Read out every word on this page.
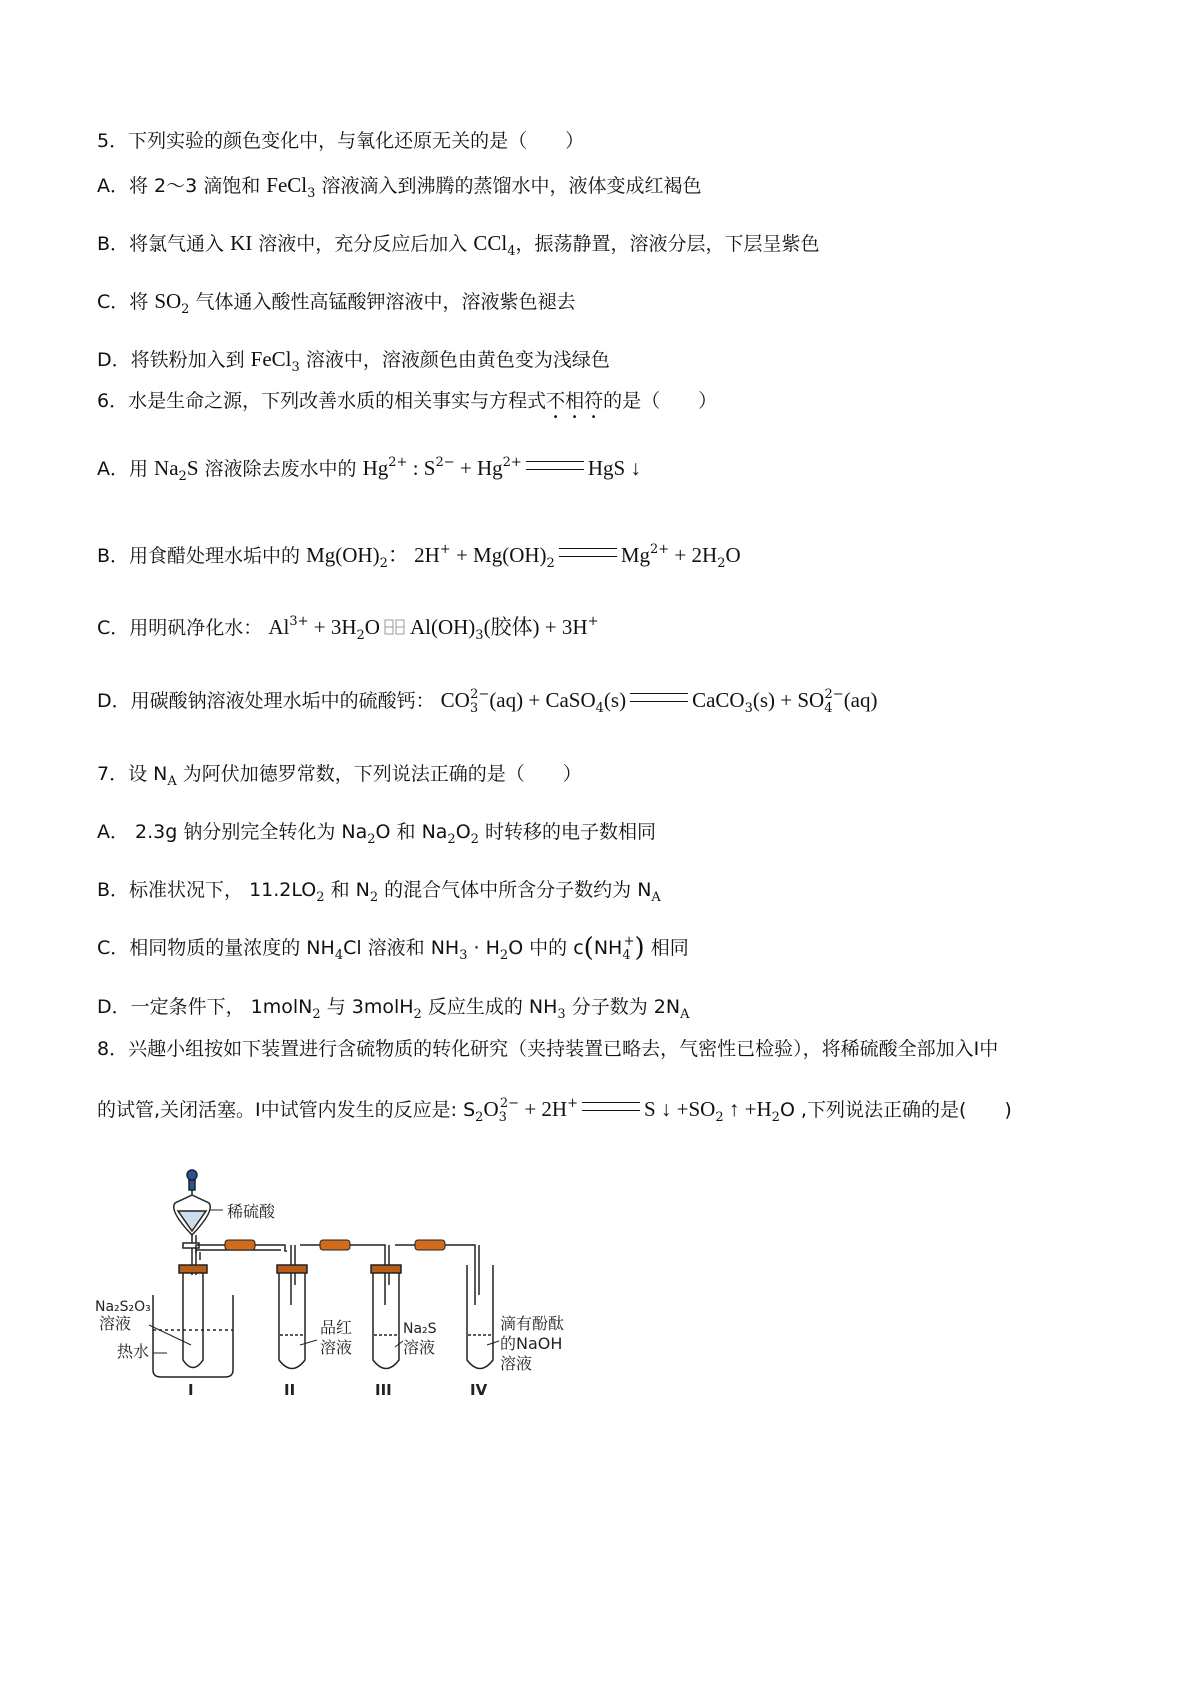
5．下列实验的颜色变化中，与氧化还原无关的是（　　）
A．将 2～3 滴饱和 FeCl$_3$ 溶液滴入到沸腾的蒸馏水中，液体变成红褐色
B．将氯气通入 KI 溶液中，充分反应后加入 CCl$_4$，振荡静置，溶液分层，下层呈紫色
C．将 $SO_2$ 气体通入酸性高锰酸钾溶液中，溶液紫色褪去
D．将铁粉加入到 FeCl$_3$ 溶液中，溶液颜色由黄色变为浅绿色
6．水是生命之源，下列改善水质的相关事实与方程式不相符的是（　　）
A．用 $Na_2S$ 溶液除去废水中的 $Hg^{2+}$ : $S^{2-} + Hg^{2+}$	HgS ↓
B．用食醋处理水垢中的 $Mg(OH)_2$： $2H^+ + Mg(OH)_2$	$Mg^{2+} + 2H_2O$
C．用明矾净化水： $Al^{3+} + 3H_2O$ $Al(OH)_3$(胶体) + 3H+
D．用碳酸钠溶液处理水垢中的硫酸钙： $CO_3^{2-}(aq)$ + CaSO$_4$(s)	CaCO$_3$(s) + $SO_4^{2-}(aq)$
7．设 $N_A$ 为阿伏加德罗常数，下列说法正确的是（　　）
A． 2.3g 钠分别完全转化为 $Na_2O$ 和 $Na_2O_2$ 时转移的电子数相同
B．标准状况下， $11.2LO_2$ 和 $N_2$ 的混合气体中所含分子数约为 $N_A$
C．相同物质的量浓度的 $NH_4Cl$ 溶液和 $NH_3 \cdot H_2O$ 中的 $c(NH_4^+)$ 相同
D．一定条件下， 1molN$_2$ 与 3molH$_2$ 反应生成的 $NH_3$ 分子数为 $2N_A$
8．兴趣小组按如下装置进行含硫物质的转化研究（夹持装置已略去，气密性已检验），将稀硫酸全部加入Ⅰ中
的试管,关闭活塞。Ⅰ中试管内发生的反应是: $S_2O_3^{2-} + 2H^+$	S ↓ $+SO_2$ ↑ $+H_2O$ ,下列说法正确的是(　　)
稀硫酸
Na₂S₂O₃
溶液
热水
品红
溶液
Na₂S
溶液
滴有酚酞
的NaOH
溶液
I	II	III	IV
